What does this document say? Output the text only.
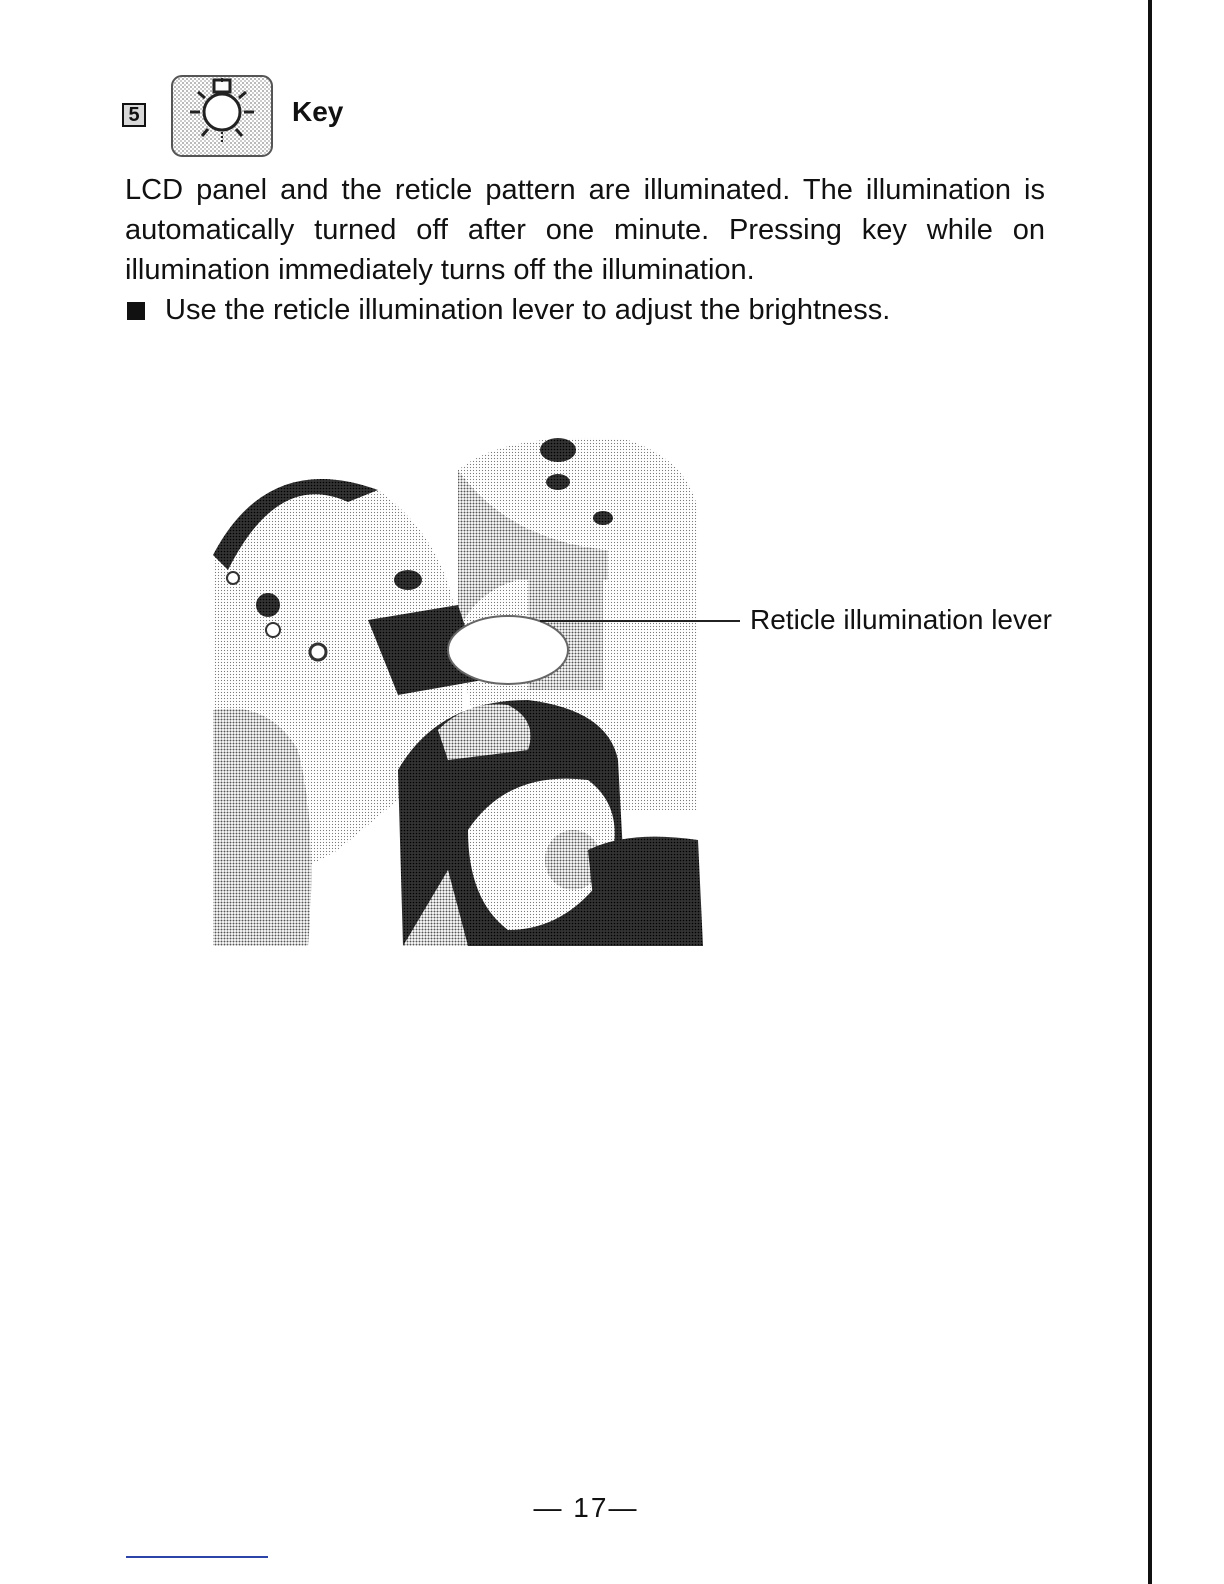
5	Key

LCD panel and the reticle pattern are illuminated. The illumination is automatically turned off after one minute. Pressing key while on illumination immediately turns off the illumination.

Use the reticle illumination lever to adjust the brightness.
Reticle illumination lever
— 17—
